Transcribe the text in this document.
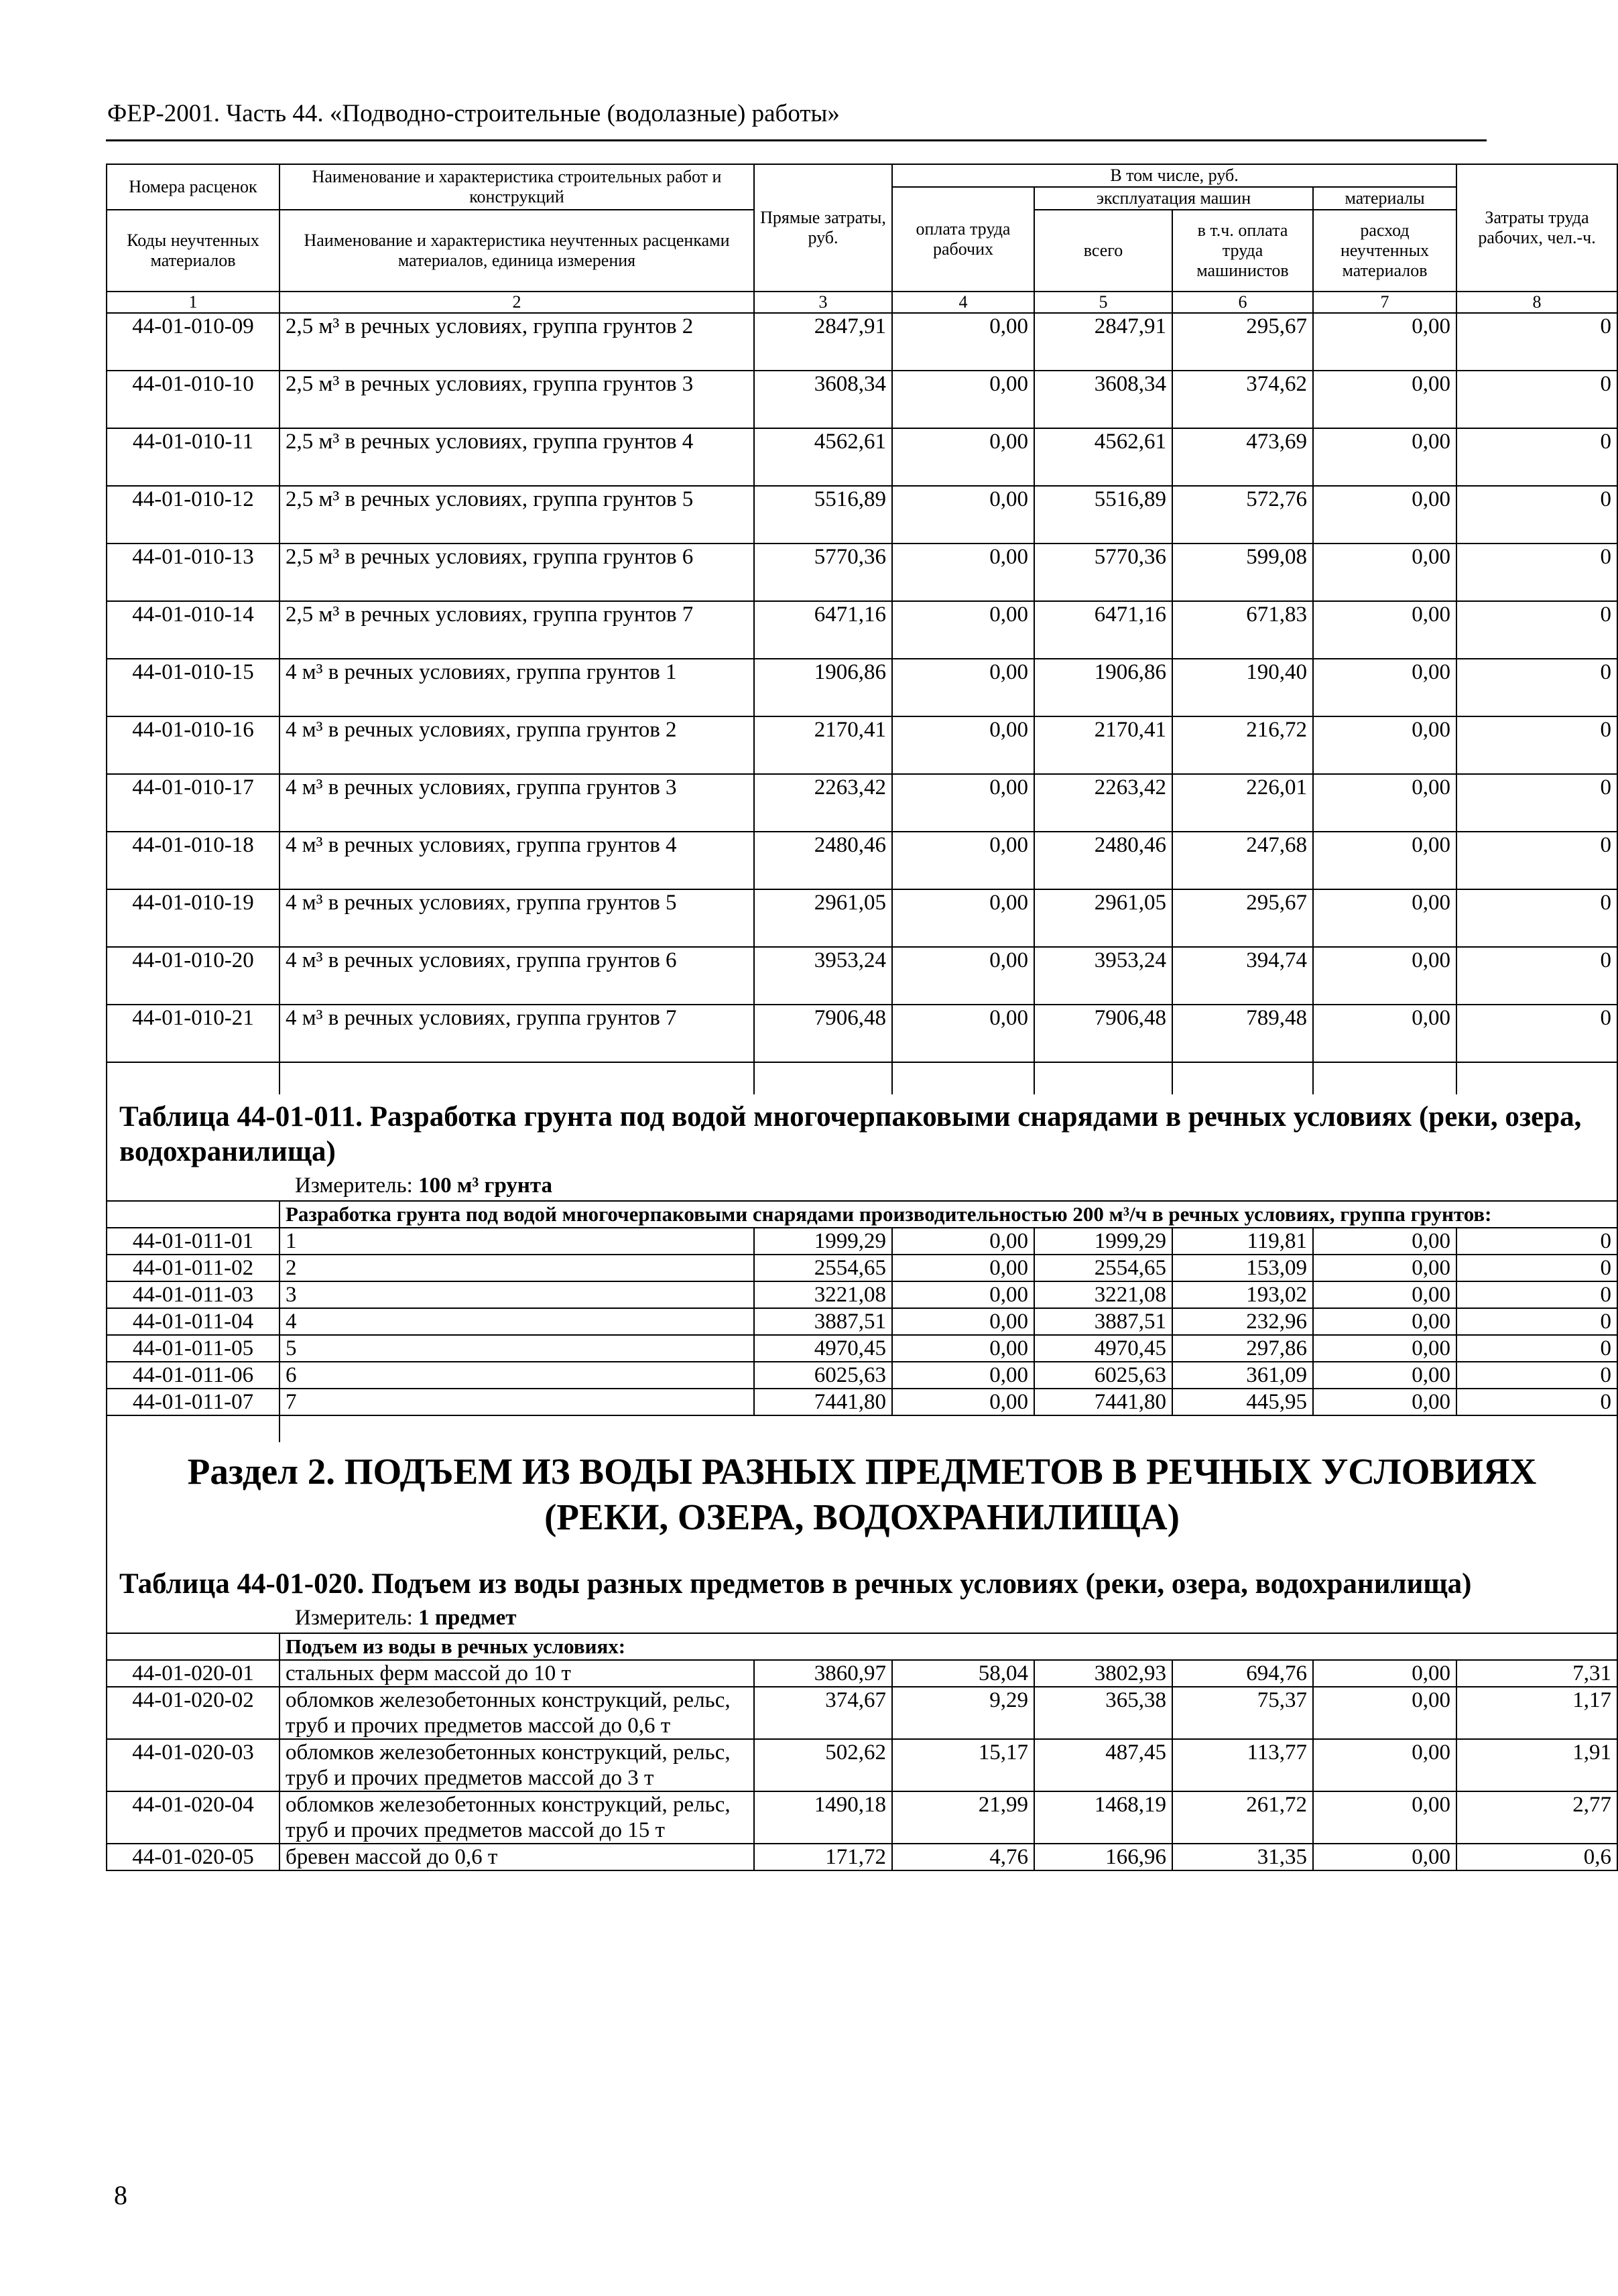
ФЕР-2001. Часть 44. «Подводно-строительные (водолазные) работы»
Номера расценок	Наименование и характеристика строительных работ и конструкций	Прямые затраты, руб.	В том числе, руб.				Затраты труда рабочих, чел.-ч.
			оплата труда рабочих	эксплуатация машин		материалы	
Коды неучтенных материалов	Наименование и характеристика неучтенных расценками материалов, единица измерения			всего	в т.ч. оплата труда машинистов	расход неучтенных материалов	

1	2	3	4	5	6	7	8
44-01-010-09	2,5 м³ в речных условиях, группа грунтов 2	2847,91	0,00	2847,91	295,67	0,00	0
44-01-010-10	2,5 м³ в речных условиях, группа грунтов 3	3608,34	0,00	3608,34	374,62	0,00	0
44-01-010-11	2,5 м³ в речных условиях, группа грунтов 4	4562,61	0,00	4562,61	473,69	0,00	0
44-01-010-12	2,5 м³ в речных условиях, группа грунтов 5	5516,89	0,00	5516,89	572,76	0,00	0
44-01-010-13	2,5 м³ в речных условиях, группа грунтов 6	5770,36	0,00	5770,36	599,08	0,00	0
44-01-010-14	2,5 м³ в речных условиях, группа грунтов 7	6471,16	0,00	6471,16	671,83	0,00	0
44-01-010-15	4 м³ в речных условиях, группа грунтов 1	1906,86	0,00	1906,86	190,40	0,00	0
44-01-010-16	4 м³ в речных условиях, группа грунтов 2	2170,41	0,00	2170,41	216,72	0,00	0
44-01-010-17	4 м³ в речных условиях, группа грунтов 3	2263,42	0,00	2263,42	226,01	0,00	0
44-01-010-18	4 м³ в речных условиях, группа грунтов 4	2480,46	0,00	2480,46	247,68	0,00	0
44-01-010-19	4 м³ в речных условиях, группа грунтов 5	2961,05	0,00	2961,05	295,67	0,00	0
44-01-010-20	4 м³ в речных условиях, группа грунтов 6	3953,24	0,00	3953,24	394,74	0,00	0
44-01-010-21	4 м³ в речных условиях, группа грунтов 7	7906,48	0,00	7906,48	789,48	0,00	0

Таблица 44-01-011. Разработка грунта под водой многочерпаковыми снарядами в речных условиях (реки, озера, водохранилища)
Измеритель: 100 м³ грунта							

	Разработка грунта под водой многочерпаковыми снарядами производительностью 200 м³/ч в речных условиях, группа грунтов:						
44-01-011-01	1	1999,29	0,00	1999,29	119,81	0,00	0
44-01-011-02	2	2554,65	0,00	2554,65	153,09	0,00	0
44-01-011-03	3	3221,08	0,00	3221,08	193,02	0,00	0
44-01-011-04	4	3887,51	0,00	3887,51	232,96	0,00	0
44-01-011-05	5	4970,45	0,00	4970,45	297,86	0,00	0
44-01-011-06	6	6025,63	0,00	6025,63	361,09	0,00	0
44-01-011-07	7	7441,80	0,00	7441,80	445,95	0,00	0

Раздел 2. ПОДЪЕМ ИЗ ВОДЫ РАЗНЫХ ПРЕДМЕТОВ В РЕЧНЫХ УСЛОВИЯХ (РЕКИ, ОЗЕРА, ВОДОХРАНИЛИЩА)							

Таблица 44-01-020. Подъем из воды разных предметов в речных условиях (реки, озера, водохранилища)
Измеритель: 1 предмет							

	Подъем из воды в речных условиях:						
44-01-020-01	стальных ферм массой до 10 т	3860,97	58,04	3802,93	694,76	0,00	7,31
44-01-020-02	обломков железобетонных конструкций, рельс, труб и прочих предметов массой до 0,6 т	374,67	9,29	365,38	75,37	0,00	1,17
44-01-020-03	обломков железобетонных конструкций, рельс, труб и прочих предметов массой до 3 т	502,62	15,17	487,45	113,77	0,00	1,91
44-01-020-04	обломков железобетонных конструкций, рельс, труб и прочих предметов массой до 15 т	1490,18	21,99	1468,19	261,72	0,00	2,77
44-01-020-05	бревен массой до 0,6 т	171,72	4,76	166,96	31,35	0,00	0,6
8
